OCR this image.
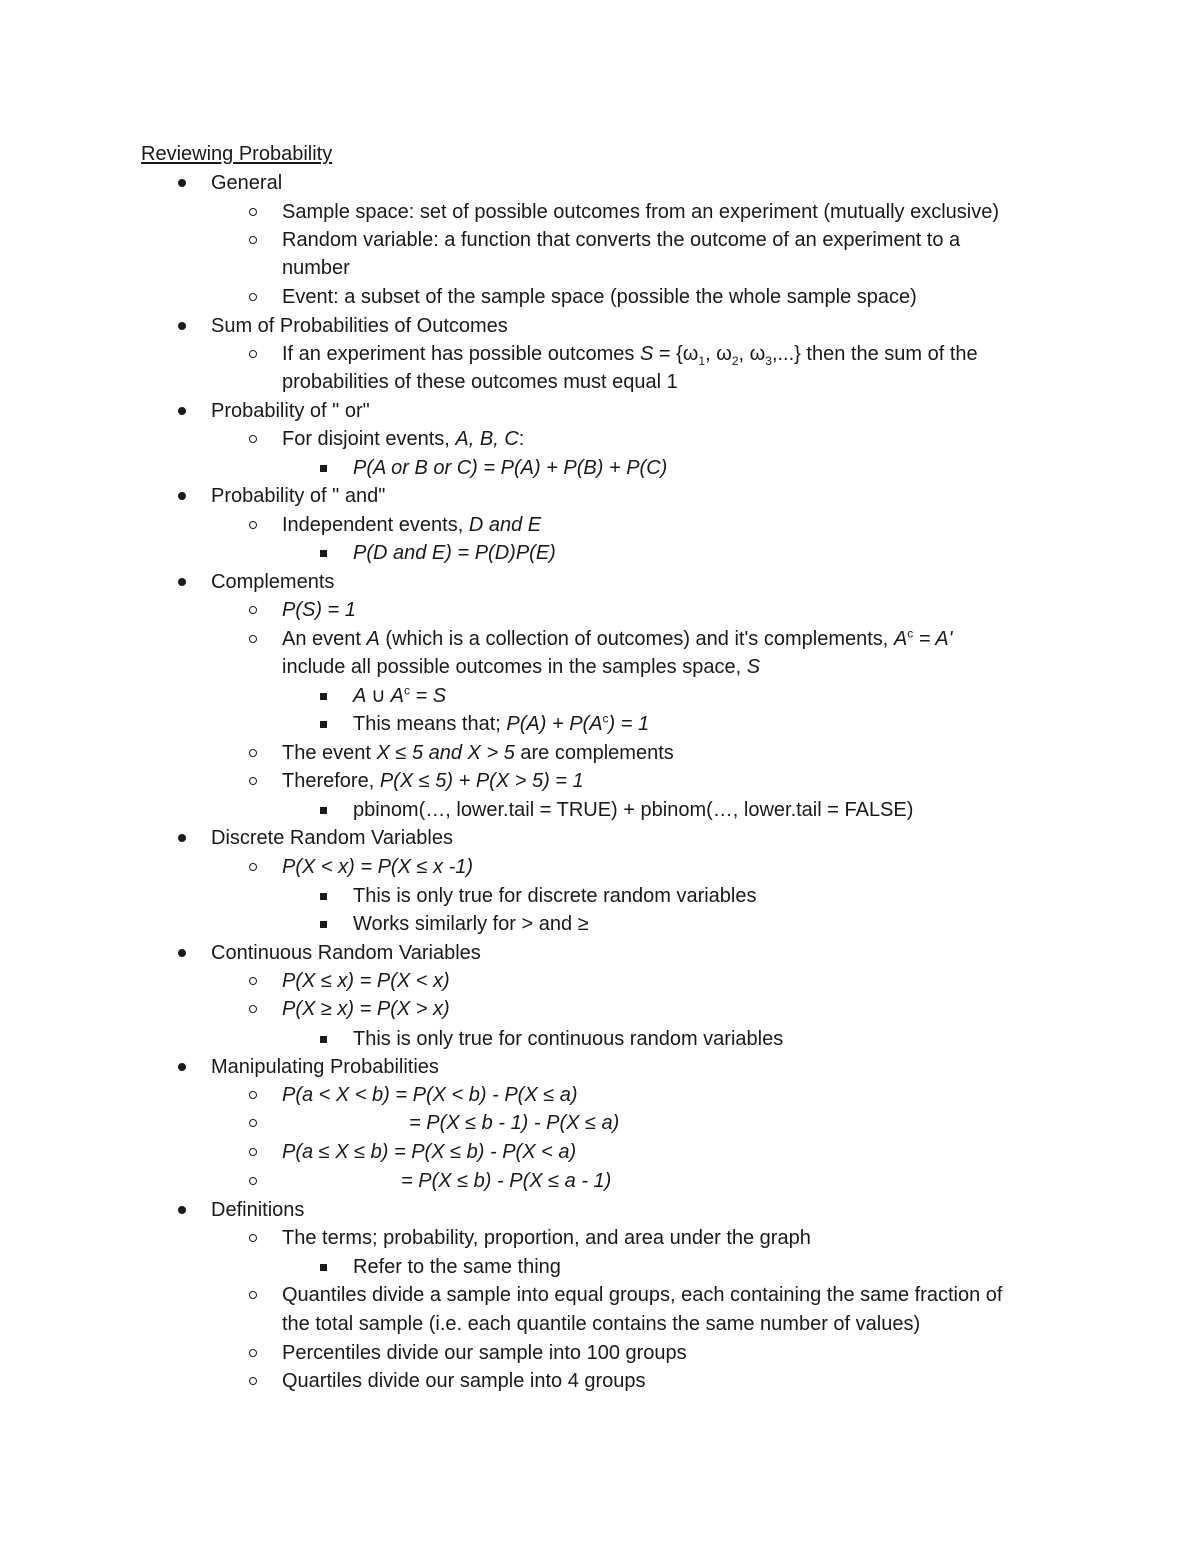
Reviewing Probability
General
Sample space: set of possible outcomes from an experiment (mutually exclusive)
Random variable: a function that converts the outcome of an experiment to a
number
Event: a subset of the sample space (possible the whole sample space)
Sum of Probabilities of Outcomes
If an experiment has possible outcomes $S = \{\omega_1$, $\omega_2$, $\omega_3$,...} then the sum of the
probabilities of these outcomes must equal 1
Probability of " or"
For disjoint events, A, B, C:
P(A or B or C) = P(A) + P(B) + P(C)
Probability of " and"
Independent events, D and E
P(D and E) = P(D)P(E)
Complements
P(S) = 1
An event A (which is a collection of outcomes) and it's complements, $A^c = A'$
include all possible outcomes in the samples space, S
A ∪ $A^c = S$
This means that; $P(A) + P(A^c) = 1$
The event X ≤ 5 and X > 5 are complements
Therefore, P(X ≤ 5) + P(X > 5) = 1
pbinom(…, lower.tail = TRUE) + pbinom(…, lower.tail = FALSE)
Discrete Random Variables
P(X < x) = P(X ≤ x -1)
This is only true for discrete random variables
Works similarly for > and ≥
Continuous Random Variables
P(X ≤ x) = P(X < x)
P(X ≥ x) = P(X > x)
This is only true for continuous random variables
Manipulating Probabilities
P(a < X < b) = P(X < b) - P(X ≤ a)
= P(X ≤ b - 1) - P(X ≤ a)
P(a ≤ X ≤ b) = P(X ≤ b) - P(X < a)
= P(X ≤ b) - P(X ≤ a - 1)
Definitions
The terms; probability, proportion, and area under the graph
Refer to the same thing
Quantiles divide a sample into equal groups, each containing the same fraction of
the total sample (i.e. each quantile contains the same number of values)
Percentiles divide our sample into 100 groups
Quartiles divide our sample into 4 groups
